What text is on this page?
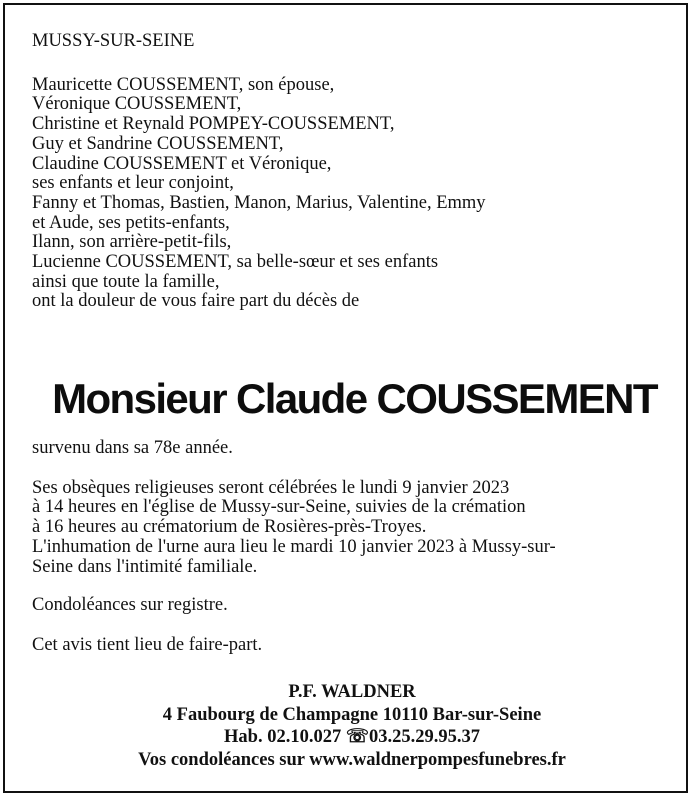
MUSSY-SUR-SEINE
Mauricette COUSSEMENT, son épouse,
Véronique COUSSEMENT,
Christine et Reynald POMPEY-COUSSEMENT,
Guy et Sandrine COUSSEMENT,
Claudine COUSSEMENT et Véronique,
ses enfants et leur conjoint,
Fanny et Thomas, Bastien, Manon, Marius, Valentine, Emmy
et Aude, ses petits-enfants,
Ilann, son arrière-petit-fils,
Lucienne COUSSEMENT, sa belle-sœur et ses enfants
ainsi que toute la famille,
ont la douleur de vous faire part du décès de
Monsieur Claude COUSSEMENT
survenu dans sa 78e année.
Ses obsèques religieuses seront célébrées le lundi 9 janvier 2023
à 14 heures en l'église de Mussy-sur-Seine, suivies de la crémation
à 16 heures au crématorium de Rosières-près-Troyes.
L'inhumation de l'urne aura lieu le mardi 10 janvier 2023 à Mussy-sur-
Seine dans l'intimité familiale.
Condoléances sur registre.
Cet avis tient lieu de faire-part.
P.F. WALDNER
4 Faubourg de Champagne 10110 Bar-sur-Seine
Hab. 02.10.027 ☏03.25.29.95.37
Vos condoléances sur www.waldnerpompesfunebres.fr
